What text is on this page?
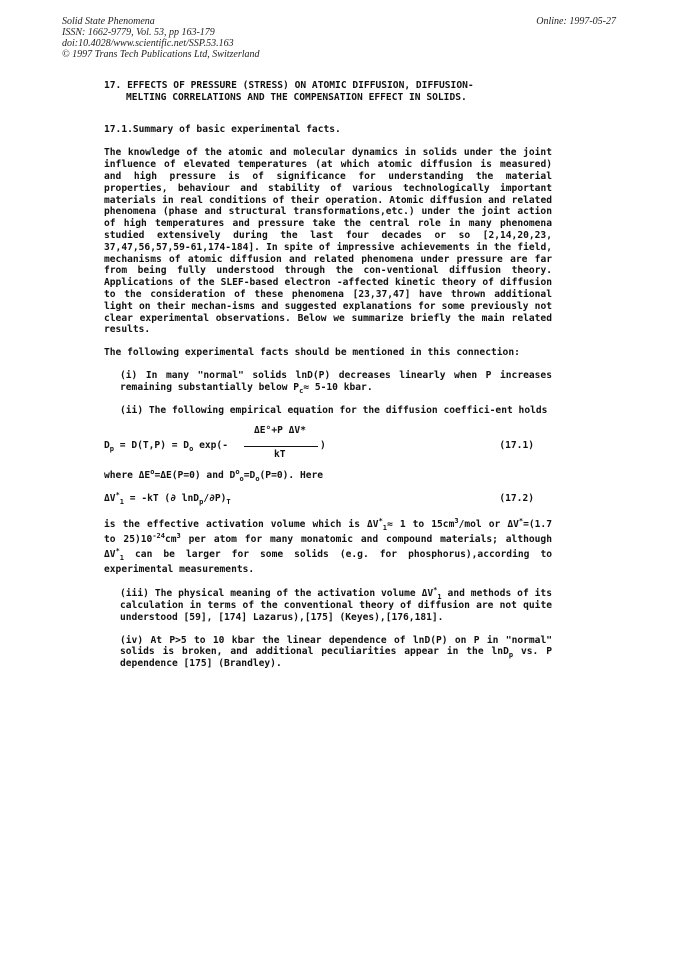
Solid State Phenomena
ISSN: 1662-9779, Vol. 53, pp 163-179
doi:10.4028/www.scientific.net/SSP.53.163
© 1997 Trans Tech Publications Ltd, Switzerland
Online: 1997-05-27
17. EFFECTS OF PRESSURE (STRESS) ON ATOMIC DIFFUSION, DIFFUSION-
MELTING CORRELATIONS AND THE COMPENSATION EFFECT IN SOLIDS.
17.1.Summary of basic experimental facts.

The knowledge of the atomic and molecular dynamics in solids under the joint influence of elevated temperatures (at which atomic diffusion is measured) and high pressure is of significance for understanding the material properties, behaviour and stability of various technologically important materials in real conditions of their operation. Atomic diffusion and related phenomena (phase and structural transformations,etc.) under the joint action of high temperatures and pressure take the central role in many phenomena studied extensively during the last four decades or so [2,14,20,23, 37,47,56,57,59-61,174-184]. In spite of impressive achievements in the field, mechanisms of atomic diffusion and related phenomena under pressure are far from being fully understood through the con-ventional diffusion theory. Applications of the SLEF-based electron -affected kinetic theory of diffusion to the consideration of these phenomena [23,37,47] have thrown additional light on their mechan-isms and suggested explanations for some previously not clear experimental observations. Below we summarize briefly the main related results.

The following experimental facts should be mentioned in this connection:

(i) In many "normal" solids lnD(P) decreases linearly when P increases remaining substantially below $P_c\approx 5-10$ kbar.

(ii) The following empirical equation for the diffusion coeffici-ent holds

ΔE°+P ΔV*
$D_p = D(T,P) = D_o$ exp(-	)
kT
(17.1)

where $\Delta E^o=\Delta E(P=0)$ and $D^o_o=D_o(P=0)$. Here

$\Delta V^*_1 = -kT$ (∂ $\ln D_p/\partial P)_T$	(17.2)

is the effective activation volume which is $\Delta V^*_1\approx 1$ to $15cm^3$/mol or ΔV*=(1.7 to $25)10^{-24}cm^3$ per atom for many monatomic and compound materials; although $\Delta V^*_1$ can be larger for some solids (e.g. for phosphorus),according to experimental measurements.

(iii) The physical meaning of the activation volume $\Delta V^*_1$ and methods of its calculation in terms of the conventional theory of diffusion are not quite understood [59], [174] Lazarus),[175] (Keyes),[176,181].

(iv) At P>5 to 10 kbar the linear dependence of lnD(P) on P in "normal" solids is broken, and additional peculiarities appear in the lnD$_p$ vs. P dependence [175] (Brandley).
